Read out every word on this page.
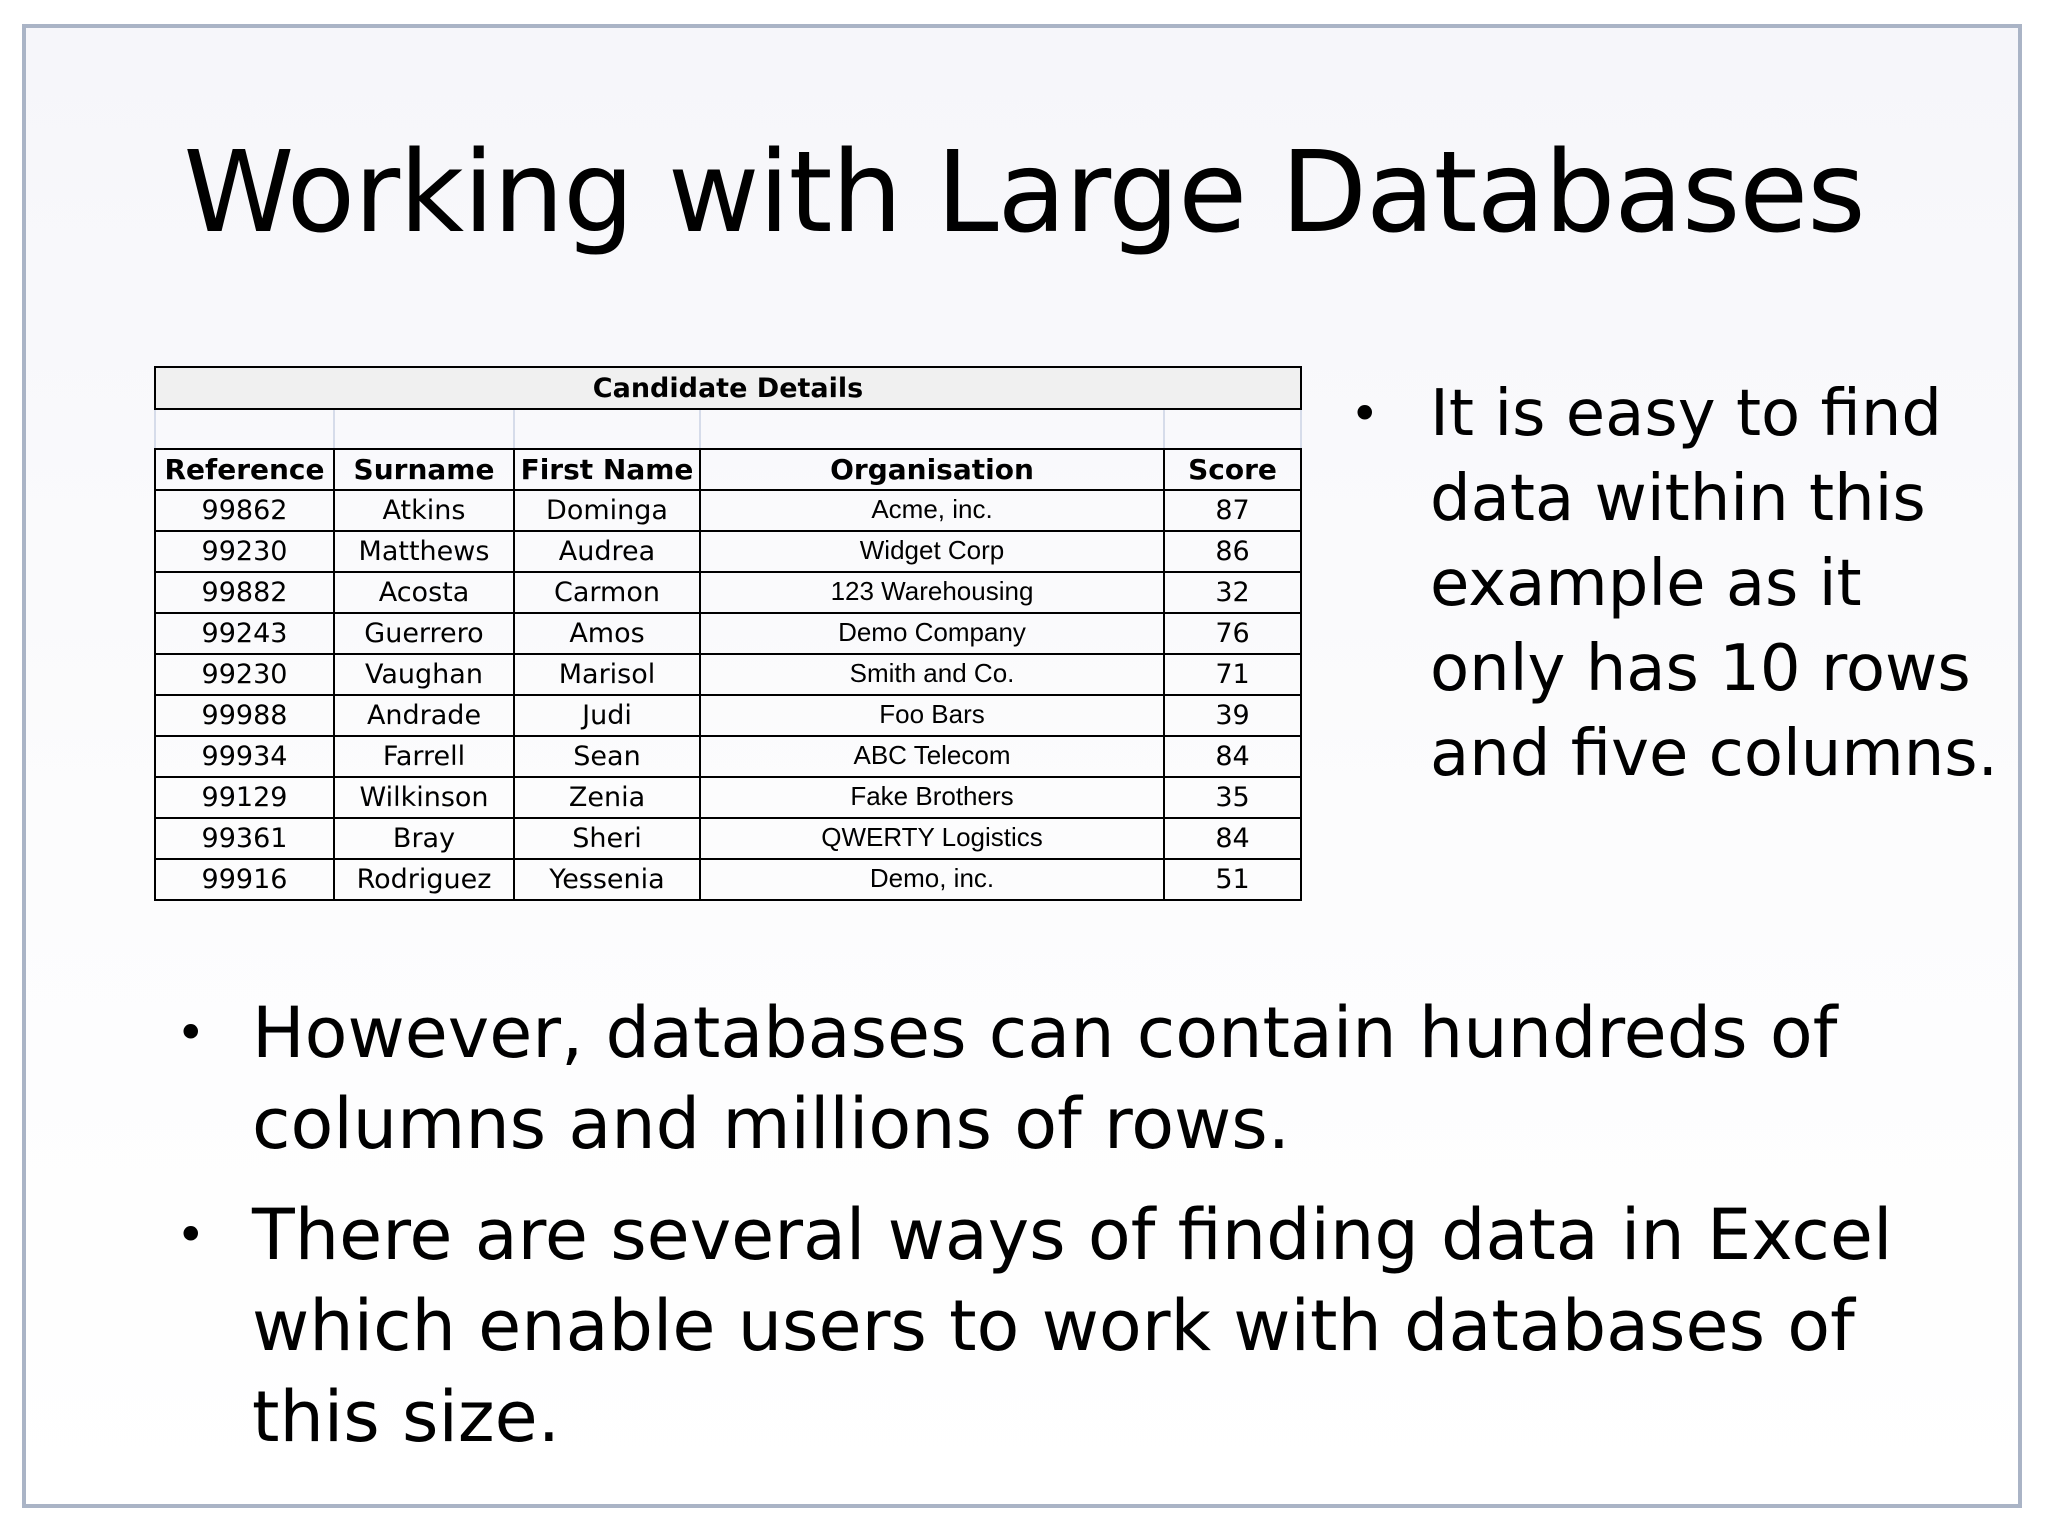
Working with Large Databases
Candidate Details				

Reference	Surname	First Name	Organisation	Score
99862	Atkins	Dominga	Acme, inc.	87
99230	Matthews	Audrea	Widget Corp	86
99882	Acosta	Carmon	123 Warehousing	32
99243	Guerrero	Amos	Demo Company	76
99230	Vaughan	Marisol	Smith and Co.	71
99988	Andrade	Judi	Foo Bars	39
99934	Farrell	Sean	ABC Telecom	84
99129	Wilkinson	Zenia	Fake Brothers	35
99361	Bray	Sheri	QWERTY Logistics	84
99916	Rodriguez	Yessenia	Demo, inc.	51
• It is easy to find data within this example as it only has 10 rows and five columns.
• However, databases can contain hundreds of columns and millions of rows.
• There are several ways of finding data in Excel which enable users to work with databases of this size.
